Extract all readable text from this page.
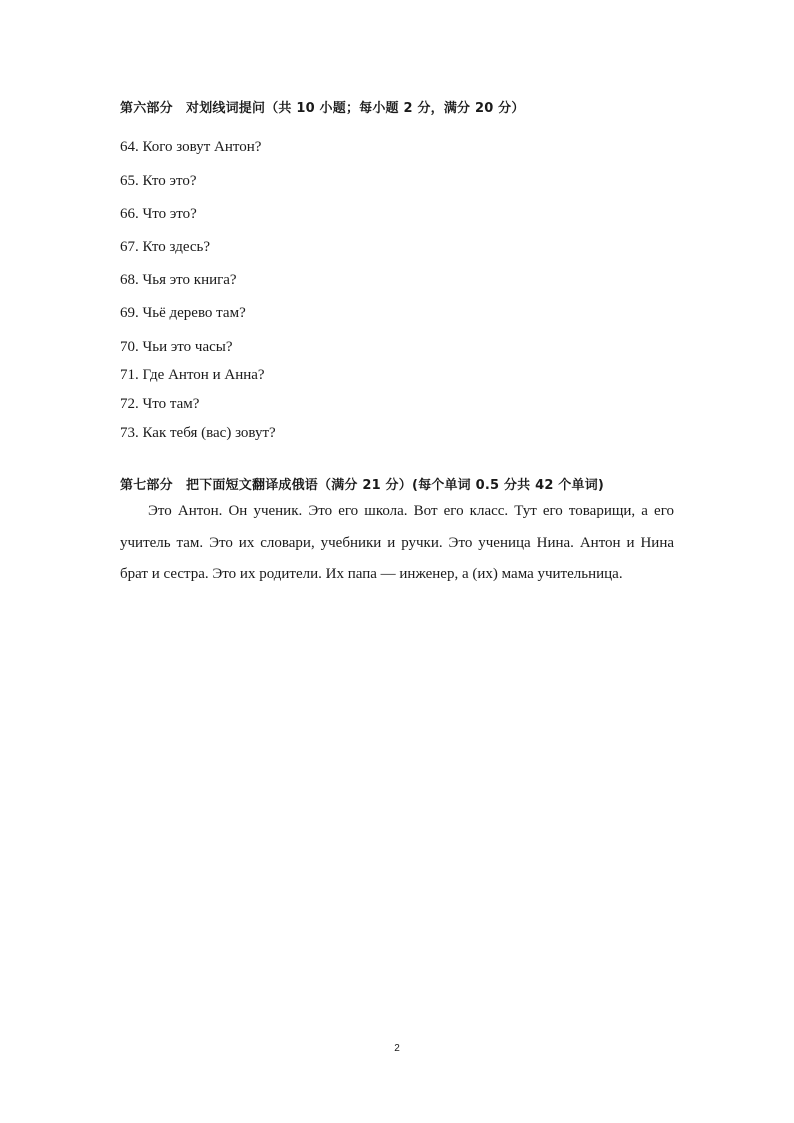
第六部分　对划线词提问（共 10 小题；每小题 2 分，满分 20 分）
64. Кого зовут Антон?
65. Кто это?
66. Что это?
67. Кто здесь?
68. Чья это книга?
69. Чьё дерево там?
70. Чьи это часы?
71. Где Антон и Анна?
72. Что там?
73. Как тебя (вас) зовут?
第七部分　把下面短文翻译成俄语（满分 21 分）(每个单词 0.5 分共 42 个单词)

Это Антон. Он ученик. Это его школа. Вот его класс. Тут его товарищи, а его учитель там. Это их словари, учебники и ручки. Это ученица Нина. Антон и Нина брат и сестра. Это их родители. Их папа — инженер, а (их) мама учительница.

2
